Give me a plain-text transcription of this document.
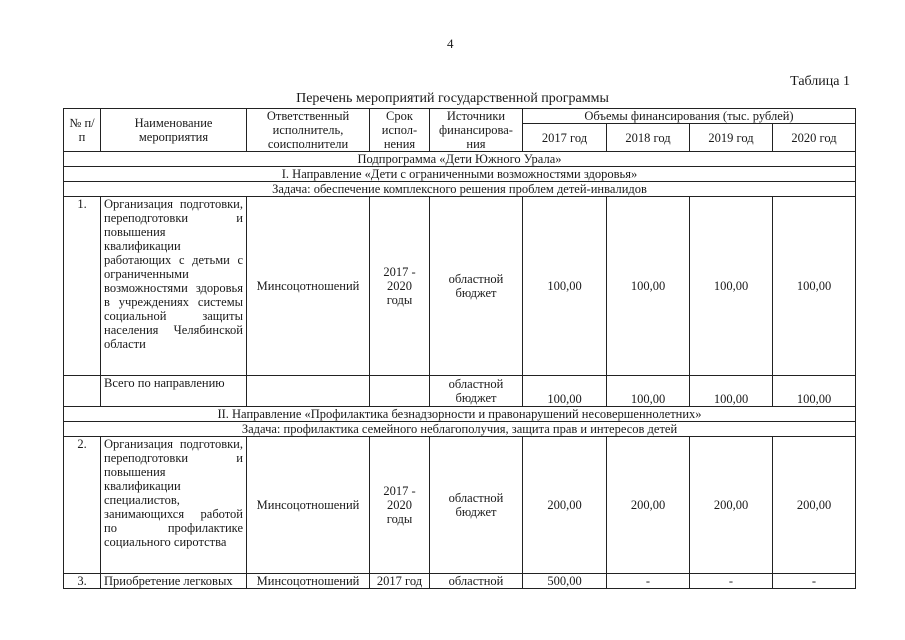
4
Таблица 1
Перечень мероприятий государственной программы
№ п/п	Наименование мероприятия	Ответственный исполнитель, соисполнители	Срок испол-нения	Источники финансирова-ния	Объемы финансирования (тыс. рублей)			
					2017 год	2018 год	2019 год	2020 год
Подпрограмма «Дети Южного Урала»								
I. Направление «Дети с ограниченными возможностями здоровья»								
Задача: обеспечение комплексного решения проблем детей-инвалидов								
1.	Организация подготовки, переподготовки и повышения квалификации работающих с детьми с ограниченными возможностями здоровья в учреждениях системы социальной защиты населения Челябинской области	Минсоцотношений	2017 - 2020 годы	областной бюджет	100,00	100,00	100,00	100,00
	Всего по направлению			областной бюджет	100,00	100,00	100,00	100,00
II. Направление «Профилактика безнадзорности и правонарушений несовершеннолетних»								
Задача: профилактика семейного неблагополучия, защита прав и интересов детей								
2.	Организация подготовки, переподготовки и повышения квалификации специалистов, занимающихся работой по профилактике социального сиротства	Минсоцотношений	2017 - 2020 годы	областной бюджет	200,00	200,00	200,00	200,00
3.	Приобретение легковых	Минсоцотношений	2017 год	областной	500,00	-	-	-
